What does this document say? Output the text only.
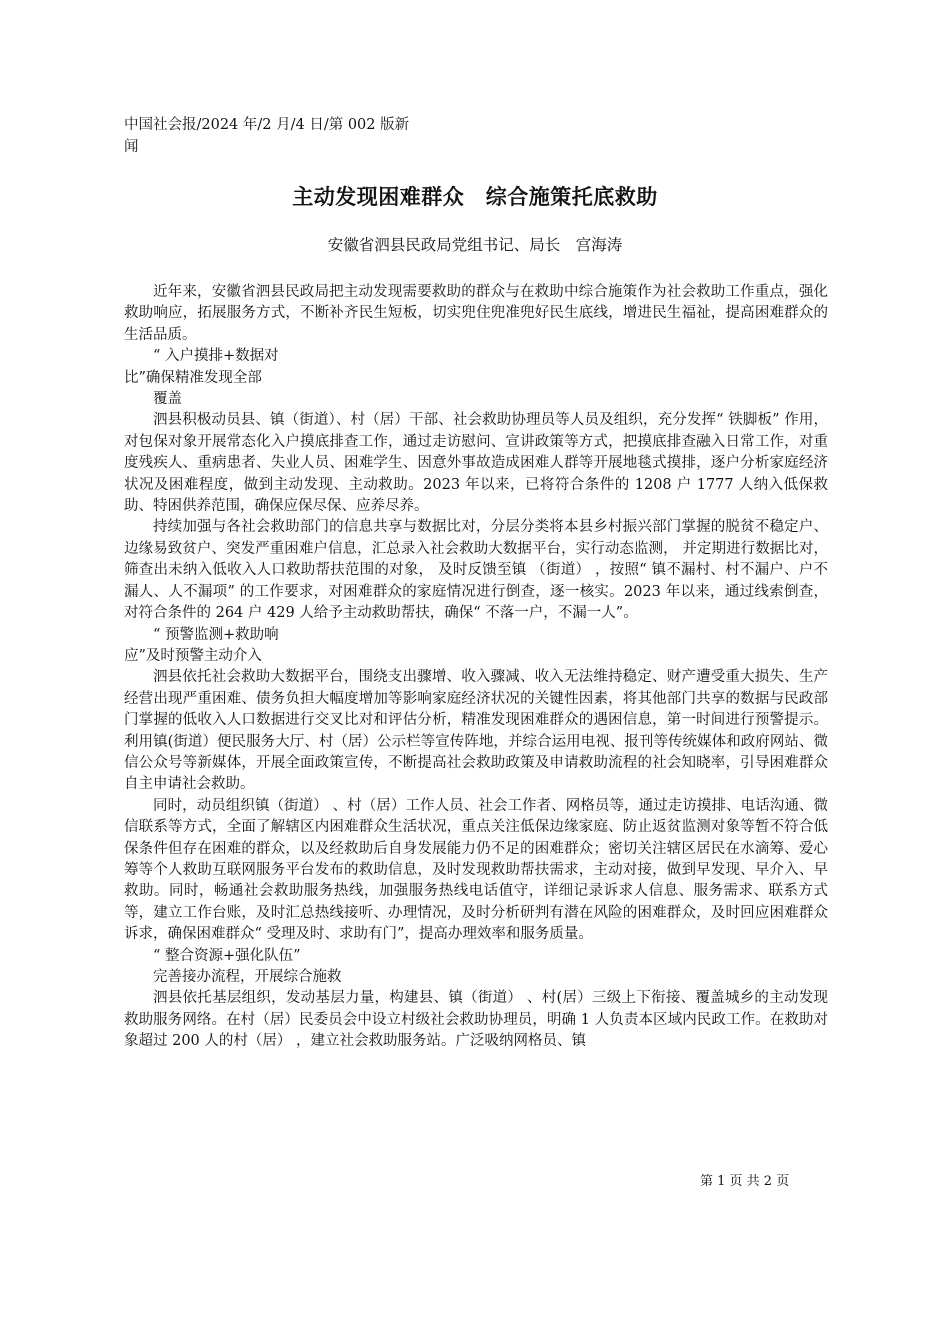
中国社会报/2024 年/2 月/4 日/第 002 版新闻
主动发现困难群众　综合施策托底救助
安徽省泗县民政局党组书记、局长　宫海涛

近年来，安徽省泗县民政局把主动发现需要救助的群众与在救助中综合施策作为社会救助工作重点，强化救助响应，拓展服务方式，不断补齐民生短板，切实兜住兜准兜好民生底线，增进民生福祉，提高困难群众的生活品质。

“ 入户摸排+数据对

比”确保精准发现全部

覆盖

泗县积极动员县、镇（街道）、村（居）干部、社会救助协理员等人员及组织，充分发挥“ 铁脚板” 作用，对包保对象开展常态化入户摸底排查工作，通过走访慰问、宣讲政策等方式，把摸底排查融入日常工作，对重度残疾人、重病患者、失业人员、困难学生、因意外事故造成困难人群等开展地毯式摸排，逐户分析家庭经济状况及困难程度，做到主动发现、主动救助。2023 年以来，已将符合条件的 1208 户 1777 人纳入低保救助、特困供养范围，确保应保尽保、应养尽养。

持续加强与各社会救助部门的信息共享与数据比对，分层分类将本县乡村振兴部门掌握的脱贫不稳定户、边缘易致贫户、突发严重困难户信息，汇总录入社会救助大数据平台，实行动态监测， 并定期进行数据比对， 筛查出未纳入低收入人口救助帮扶范围的对象， 及时反馈至镇 （街道） ，按照“ 镇不漏村、村不漏户、户不漏人、人不漏项” 的工作要求，对困难群众的家庭情况进行倒查，逐一核实。2023 年以来，通过线索倒查，对符合条件的 264 户 429 人给予主动救助帮扶，确保“ 不落一户，不漏一人”。

“ 预警监测+救助响

应”及时预警主动介入

泗县依托社会救助大数据平台，围绕支出骤增、收入骤减、收入无法维持稳定、财产遭受重大损失、生产经营出现严重困难、债务负担大幅度增加等影响家庭经济状况的关键性因素，将其他部门共享的数据与民政部门掌握的低收入人口数据进行交叉比对和评估分析，精准发现困难群众的遇困信息，第一时间进行预警提示。利用镇(街道）便民服务大厅、村（居）公示栏等宣传阵地，并综合运用电视、报刊等传统媒体和政府网站、微信公众号等新媒体，开展全面政策宣传，不断提高社会救助政策及申请救助流程的社会知晓率，引导困难群众自主申请社会救助。

同时，动员组织镇（街道） 、村（居）工作人员、社会工作者、网格员等，通过走访摸排、电话沟通、微信联系等方式，全面了解辖区内困难群众生活状况，重点关注低保边缘家庭、防止返贫监测对象等暂不符合低保条件但存在困难的群众，以及经救助后自身发展能力仍不足的困难群众；密切关注辖区居民在水滴筹、爱心筹等个人救助互联网服务平台发布的救助信息，及时发现救助帮扶需求，主动对接，做到早发现、早介入、早救助。同时，畅通社会救助服务热线，加强服务热线电话值守，详细记录诉求人信息、服务需求、联系方式等，建立工作台账，及时汇总热线接听、办理情况，及时分析研判有潜在风险的困难群众，及时回应困难群众诉求，确保困难群众“ 受理及时、求助有门”，提高办理效率和服务质量。

“ 整合资源+强化队伍”

完善接办流程，开展综合施救

泗县依托基层组织，发动基层力量，构建县、镇（街道） 、村(居）三级上下衔接、覆盖城乡的主动发现救助服务网络。在村（居）民委员会中设立村级社会救助协理员，明确 1 人负责本区域内民政工作。在救助对象超过 200 人的村（居） ，建立社会救助服务站。广泛吸纳网格员、镇

第 1 页 共 2 页
